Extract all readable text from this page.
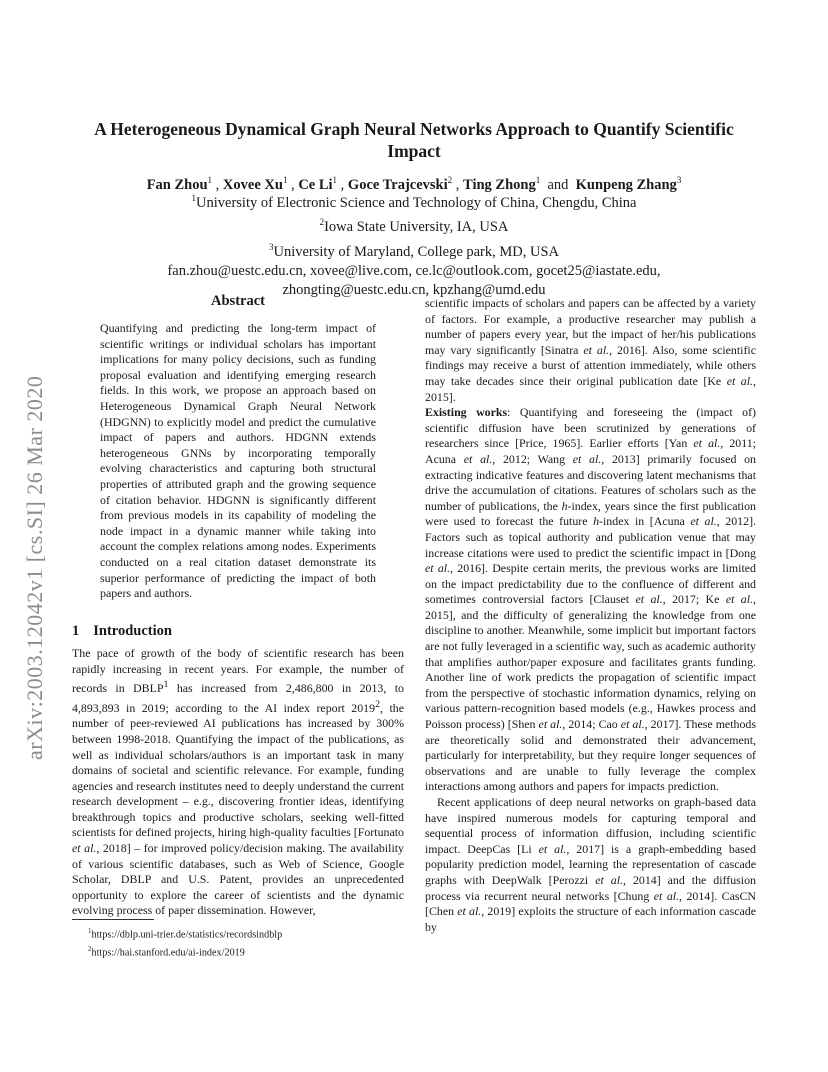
arXiv:2003.12042v1 [cs.SI] 26 Mar 2020
A Heterogeneous Dynamical Graph Neural Networks Approach to Quantify Scientific Impact
Fan Zhou$^1$ , Xovee Xu$^1$ , Ce Li$^1$ , Goce Trajcevski$^2$ , Ting Zhong$^1$ and Kunpeng Zhang$^3$
$^1$University of Electronic Science and Technology of China, Chengdu, China
$^2$Iowa State University, IA, USA
$^3$University of Maryland, College park, MD, USA
fan.zhou@uestc.edu.cn, xovee@live.com, ce.lc@outlook.com, gocet25@iastate.edu,
zhongting@uestc.edu.cn, kpzhang@umd.edu
Abstract
Quantifying and predicting the long-term impact of scientific writings or individual scholars has important implications for many policy decisions, such as funding proposal evaluation and identifying emerging research fields. In this work, we propose an approach based on Heterogeneous Dynamical Graph Neural Network (HDGNN) to explicitly model and predict the cumulative impact of papers and authors. HDGNN extends heterogeneous GNNs by incorporating temporally evolving characteristics and capturing both structural properties of attributed graph and the growing sequence of citation behavior. HDGNN is significantly different from previous models in its capability of modeling the node impact in a dynamic manner while taking into account the complex relations among nodes. Experiments conducted on a real citation dataset demonstrate its superior performance of predicting the impact of both papers and authors.
1 Introduction

The pace of growth of the body of scientific research has been rapidly increasing in recent years. For example, the number of records in DBLP$^1$ has increased from 2,486,800 in 2013, to 4,893,893 in 2019; according to the AI index report 2019$^2$, the number of peer-reviewed AI publications has increased by 300% between 1998-2018. Quantifying the impact of the publications, as well as individual scholars/authors is an important task in many domains of societal and scientific relevance. For example, funding agencies and research institutes need to deeply understand the current research development – e.g., discovering frontier ideas, identifying breakthrough topics and productive scholars, seeking well-fitted scientists for defined projects, hiring high-quality faculties [Fortunato et al., 2018] – for improved policy/decision making. The availability of various scientific databases, such as Web of Science, Google Scholar, DBLP and U.S. Patent, provides an unprecedented opportunity to explore the career of scientists and the dynamic evolving process of paper dissemination. However,

scientific impacts of scholars and papers can be affected by a variety of factors. For example, a productive researcher may publish a number of papers every year, but the impact of her/his publications may vary significantly [Sinatra et al., 2016]. Also, some scientific findings may receive a burst of attention immediately, while others may take decades since their original publication date [Ke et al., 2015].

Existing works: Quantifying and foreseeing the (impact of) scientific diffusion have been scrutinized by generations of researchers since [Price, 1965]. Earlier efforts [Yan et al., 2011; Acuna et al., 2012; Wang et al., 2013] primarily focused on extracting indicative features and discovering latent mechanisms that drive the accumulation of citations. Features of scholars such as the number of publications, the h-index, years since the first publication were used to forecast the future h-index in [Acuna et al., 2012]. Factors such as topical authority and publication venue that may increase citations were used to predict the scientific impact in [Dong et al., 2016]. Despite certain merits, the previous works are limited on the impact predictability due to the confluence of different and sometimes controversial factors [Clauset et al., 2017; Ke et al., 2015], and the difficulty of generalizing the knowledge from one discipline to another. Meanwhile, some implicit but important factors are not fully leveraged in a scientific way, such as academic authority that amplifies author/paper exposure and facilitates grants funding. Another line of work predicts the propagation of scientific impact from the perspective of stochastic information dynamics, relying on various pattern-recognition based models (e.g., Hawkes process and Poisson process) [Shen et al., 2014; Cao et al., 2017]. These methods are theoretically solid and demonstrated their advancement, particularly for interpretability, but they require longer sequences of observations and are unable to fully leverage the complex interactions among authors and papers for impacts prediction.

Recent applications of deep neural networks on graph-based data have inspired numerous models for capturing temporal and sequential process of information diffusion, including scientific impact. DeepCas [Li et al., 2017] is a graph-embedding based popularity prediction model, learning the representation of cascade graphs with DeepWalk [Perozzi et al., 2014] and the diffusion process via recurrent neural networks [Chung et al., 2014]. CasCN [Chen et al., 2019] exploits the structure of each information cascade by

$^1$https://dblp.uni-trier.de/statistics/recordsindblp
$^2$https://hai.stanford.edu/ai-index/2019
